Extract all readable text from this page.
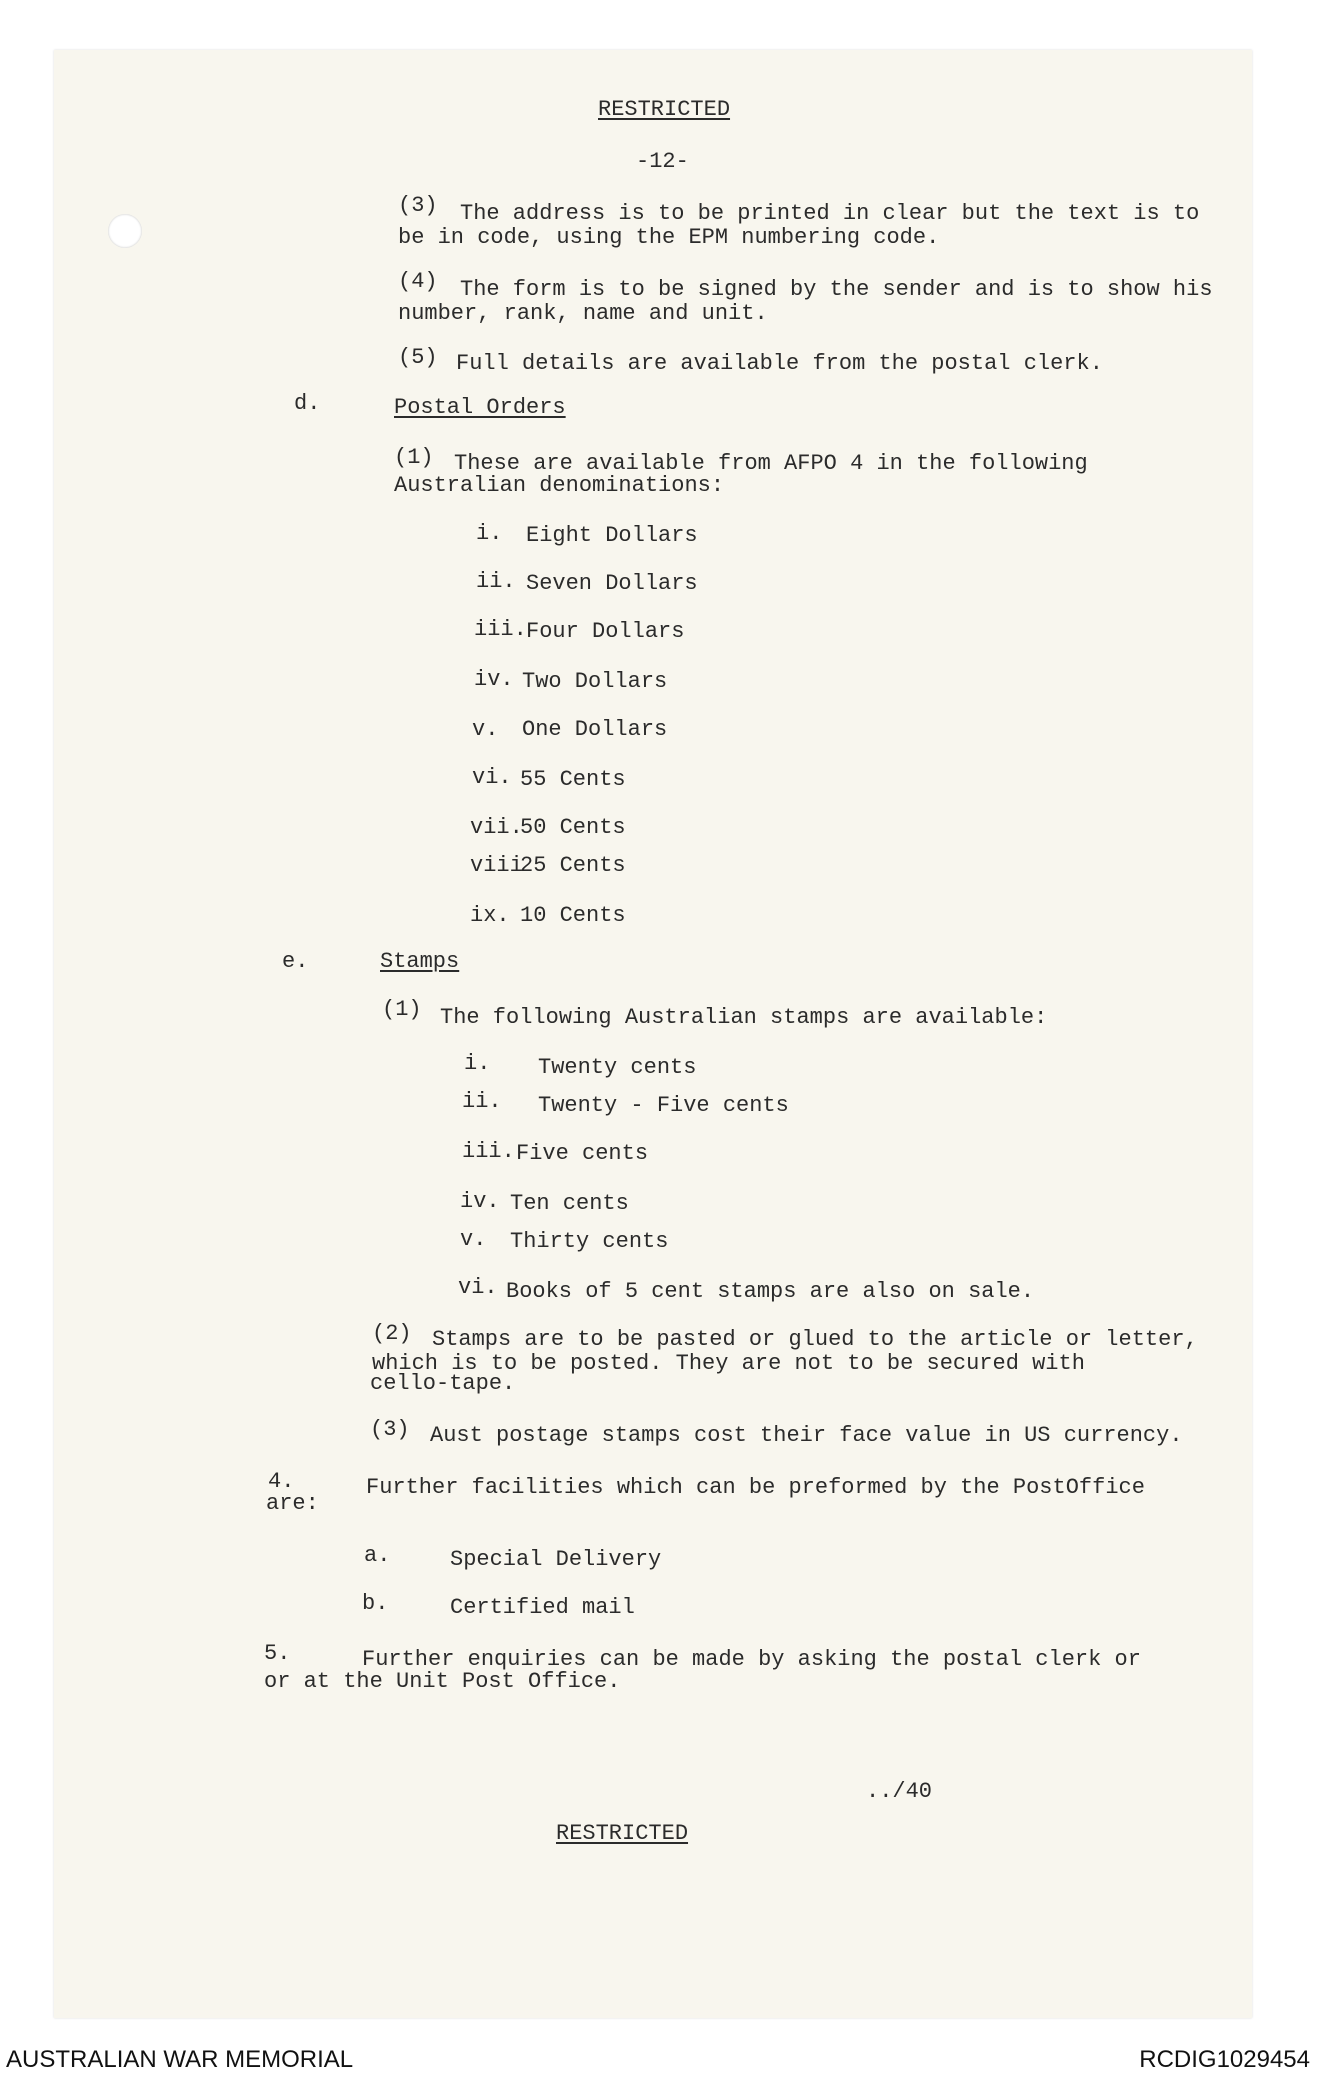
RESTRICTED
-12-
(3) The address is to be printed in clear but the text is to
be in code, using the EPM numbering code.
(4) The form is to be signed by the sender and is to show his
number, rank, name and unit.
(5) Full details are available from the postal clerk.
d.	Postal Orders
(1) These are available from AFPO 4 in the following
Australian denominations:
i. Eight Dollars
ii. Seven Dollars
iii. Four Dollars
iv. Two Dollars
v. One Dollars
vi. 55 Cents
vii.
50 Cents
viii
25 Cents
ix. 10 Cents
e.	Stamps
(1) The following Australian stamps are available:
i. Twenty cents
ii. Twenty - Five cents
iii. Five cents
iv. Ten cents
v. Thirty cents
vi. Books of 5 cent stamps are also on sale.
(2) Stamps are to be pasted or glued to the article or letter,
which is to be posted. They are not to be secured with
cello-tape.
(3) Aust postage stamps cost their face value in US currency.
4.
are:
Further facilities which can be preformed by the PostOffice
a.	Special Delivery
b.	Certified mail
5.	Further enquiries can be made by asking the postal clerk or
or at the Unit Post Office.
../40
RESTRICTED
AUSTRALIAN WAR MEMORIAL	RCDIG1029454
